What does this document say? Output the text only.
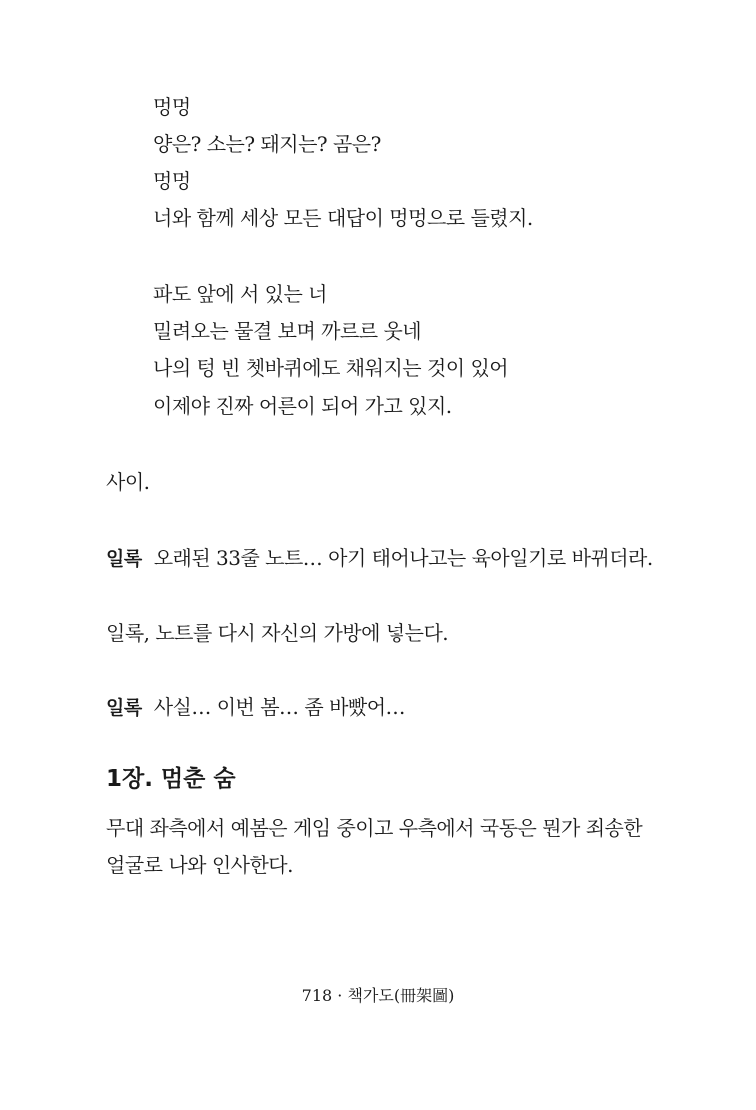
멍멍
양은? 소는? 돼지는? 곰은?
멍멍
너와 함께 세상 모든 대답이 멍멍으로 들렸지.
파도 앞에 서 있는 너
밀려오는 물결 보며 까르르 웃네
나의 텅 빈 쳇바퀴에도 채워지는 것이 있어
이제야 진짜 어른이 되어 가고 있지.
사이.
일록 오래된 33줄 노트… 아기 태어나고는 육아일기로 바뀌더라.
일록, 노트를 다시 자신의 가방에 넣는다.
일록 사실… 이번 봄… 좀 바빴어…
1장. 멈춘 숨
무대 좌측에서 예봄은 게임 중이고 우측에서 국동은 뭔가 죄송한
얼굴로 나와 인사한다.
718 · 책가도(冊架圖)
